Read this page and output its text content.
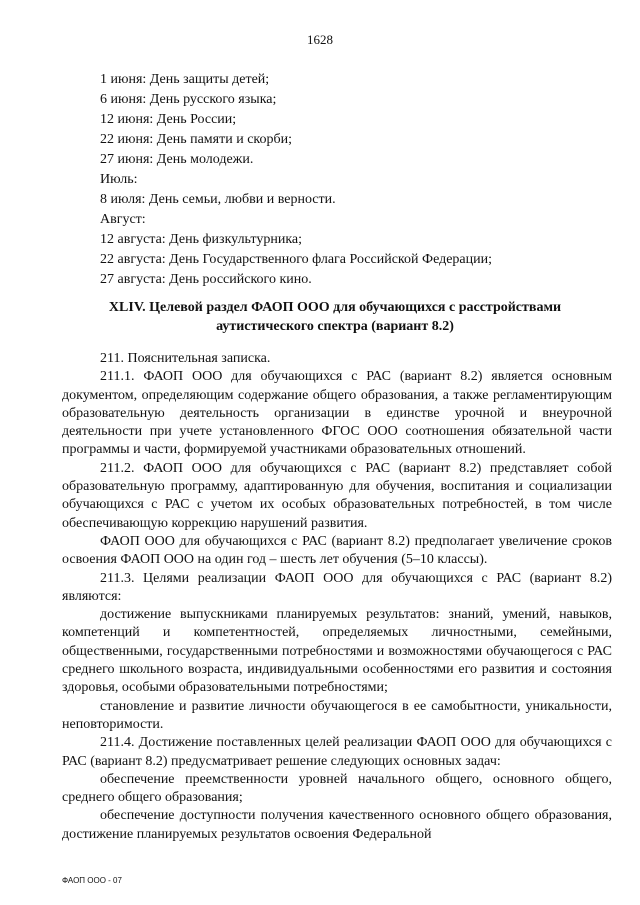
1628
1 июня: День защиты детей;
6 июня: День русского языка;
12 июня: День России;
22 июня: День памяти и скорби;
27 июня: День молодежи.
Июль:
8 июля: День семьи, любви и верности.
Август:
12 августа: День физкультурника;
22 августа: День Государственного флага Российской Федерации;
27 августа: День российского кино.
XLIV. Целевой раздел ФАОП ООО для обучающихся с расстройствами аутистического спектра (вариант 8.2)

211. Пояснительная записка.

211.1. ФАОП ООО для обучающихся с РАС (вариант 8.2) является основным документом, определяющим содержание общего образования, а также регламентирующим образовательную деятельность организации в единстве урочной и внеурочной деятельности при учете установленного ФГОС ООО соотношения обязательной части программы и части, формируемой участниками образовательных отношений.

211.2. ФАОП ООО для обучающихся с РАС (вариант 8.2) представляет собой образовательную программу, адаптированную для обучения, воспитания и социализации обучающихся с РАС с учетом их особых образовательных потребностей, в том числе обеспечивающую коррекцию нарушений развития.

ФАОП ООО для обучающихся с РАС (вариант 8.2) предполагает увеличение сроков освоения ФАОП ООО на один год – шесть лет обучения (5–10 классы).

211.3. Целями реализации ФАОП ООО для обучающихся с РАС (вариант 8.2) являются:

достижение выпускниками планируемых результатов: знаний, умений, навыков, компетенций и компетентностей, определяемых личностными, семейными, общественными, государственными потребностями и возможностями обучающегося с РАС среднего школьного возраста, индивидуальными особенностями его развития и состояния здоровья, особыми образовательными потребностями;

становление и развитие личности обучающегося в ее самобытности, уникальности, неповторимости.

211.4. Достижение поставленных целей реализации ФАОП ООО для обучающихся с РАС (вариант 8.2) предусматривает решение следующих основных задач:

обеспечение преемственности уровней начального общего, основного общего, среднего общего образования;

обеспечение доступности получения качественного основного общего образования, достижение планируемых результатов освоения Федеральной

ФАОП ООО - 07
